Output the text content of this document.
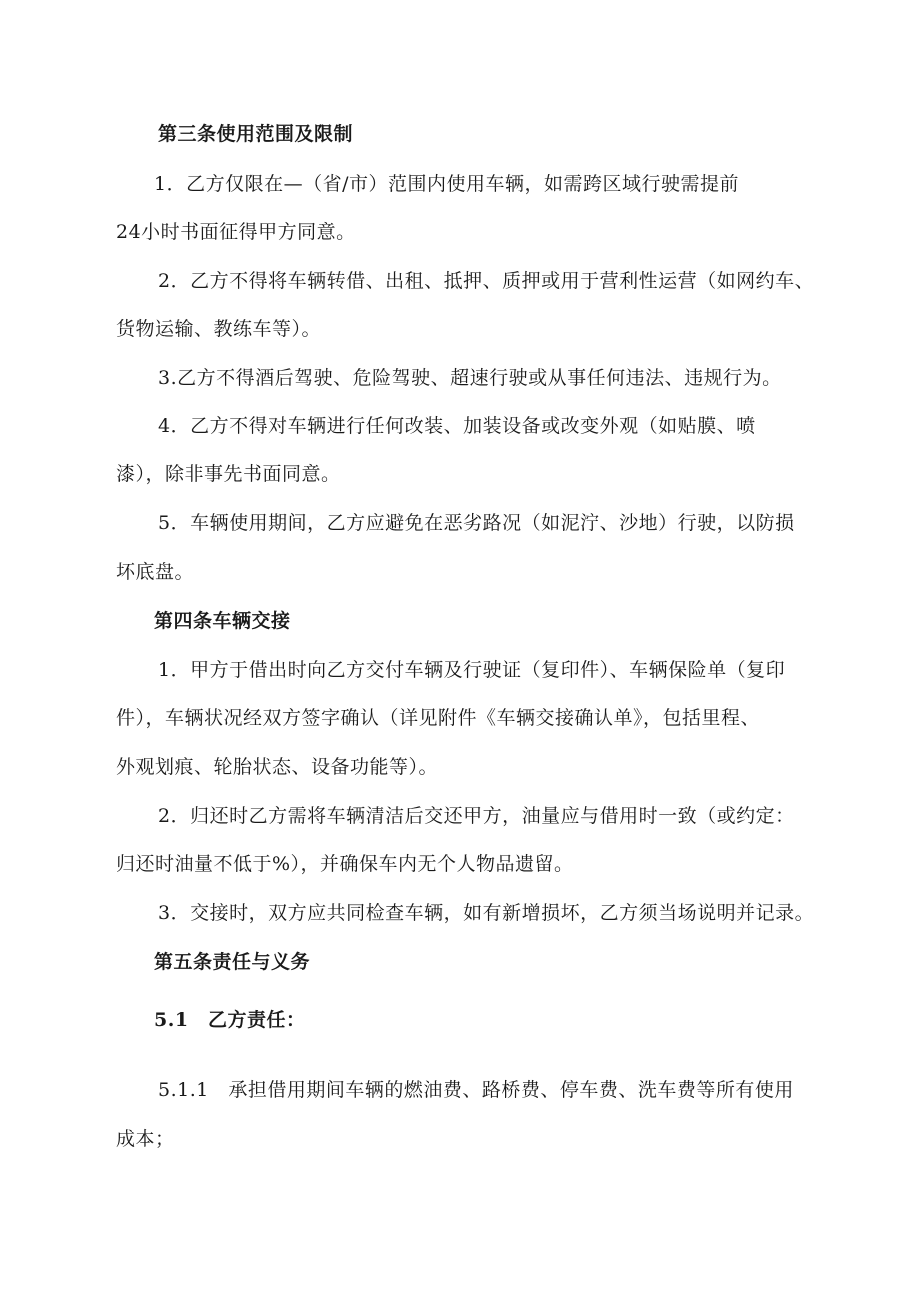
第三条使用范围及限制

1．乙方仅限在—（省/市）范围内使用车辆，如需跨区域行驶需提前

24小时书面征得甲方同意。

2．乙方不得将车辆转借、出租、抵押、质押或用于营利性运营（如网约车、

货物运输、教练车等）。

3.乙方不得酒后驾驶、危险驾驶、超速行驶或从事任何违法、违规行为。

4．乙方不得对车辆进行任何改装、加装设备或改变外观（如贴膜、喷

漆），除非事先书面同意。

5．车辆使用期间，乙方应避免在恶劣路况（如泥泞、沙地）行驶，以防损

坏底盘。

第四条车辆交接

1．甲方于借出时向乙方交付车辆及行驶证（复印件）、车辆保险单（复印

件），车辆状况经双方签字确认（详见附件《车辆交接确认单》，包括里程、

外观划痕、轮胎状态、设备功能等）。

2．归还时乙方需将车辆清洁后交还甲方，油量应与借用时一致（或约定：

归还时油量不低于%），并确保车内无个人物品遗留。

3．交接时，双方应共同检查车辆，如有新增损坏，乙方须当场说明并记录。

第五条责任与义务

5.1　乙方责任：

5.1.1　承担借用期间车辆的燃油费、路桥费、停车费、洗车费等所有使用

成本；
